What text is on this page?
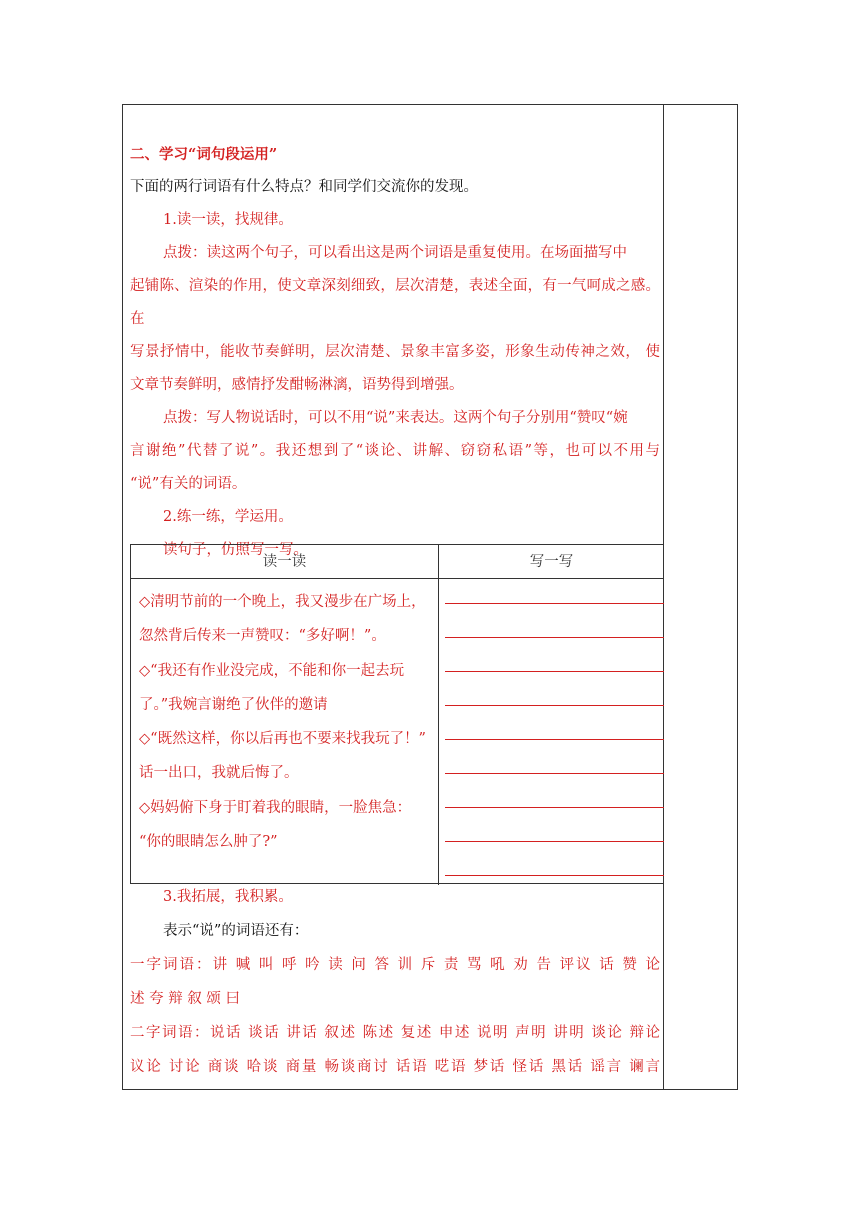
二、学习“词句段运用”
下面的两行词语有什么特点？和同学们交流你的发现。
1.读一读，找规律。
点拨：读这两个句子，可以看出这是两个词语是重复使用。在场面描写中
起铺陈、渲染的作用，使文章深刻细致，层次清楚，表述全面，有一气呵成之感。在
写景抒情中，能收节奏鲜明，层次清楚、景象丰富多姿，形象生动传神之效， 使
文章节奏鲜明，感情抒发酣畅淋漓，语势得到增强。
点拨：写人物说话时，可以不用“说”来表达。这两个句子分别用“赞叹“婉
言谢绝”代替了说”。我还想到了“谈论、讲解、窃窃私语”等，也可以不用与
“说”有关的词语。
2.练一练，学运用。
读句子，仿照写一写。
读一读	写一写
◇清明节前的一个晚上，我又漫步在广场上，
忽然背后传来一声赞叹：“多好啊！”。
◇“我还有作业没完成，不能和你一起去玩
了。”我婉言谢绝了伙伴的邀请
◇“既然这样，你以后再也不要来找我玩了！”
话一出口，我就后悔了。
◇妈妈俯下身于盯着我的眼睛，一脸焦急：
“你的眼睛怎么肿了?”
3.我拓展，我积累。
表示“说”的词语还有：
一字词语：讲 喊 叫 呼 吟 读 问 答 训 斥 责 骂 吼 劝 告 评议 话 赞 论
述 夸 辩 叙 颂 曰
二字词语：说话 谈话 讲话 叙述 陈述 复述 申述 说明 声明 讲明 谈论 辩论
议论 讨论 商谈 哈谈 商量 畅谈商讨 话语 呓语 梦话 怪话 黑话 谣言 谰言
